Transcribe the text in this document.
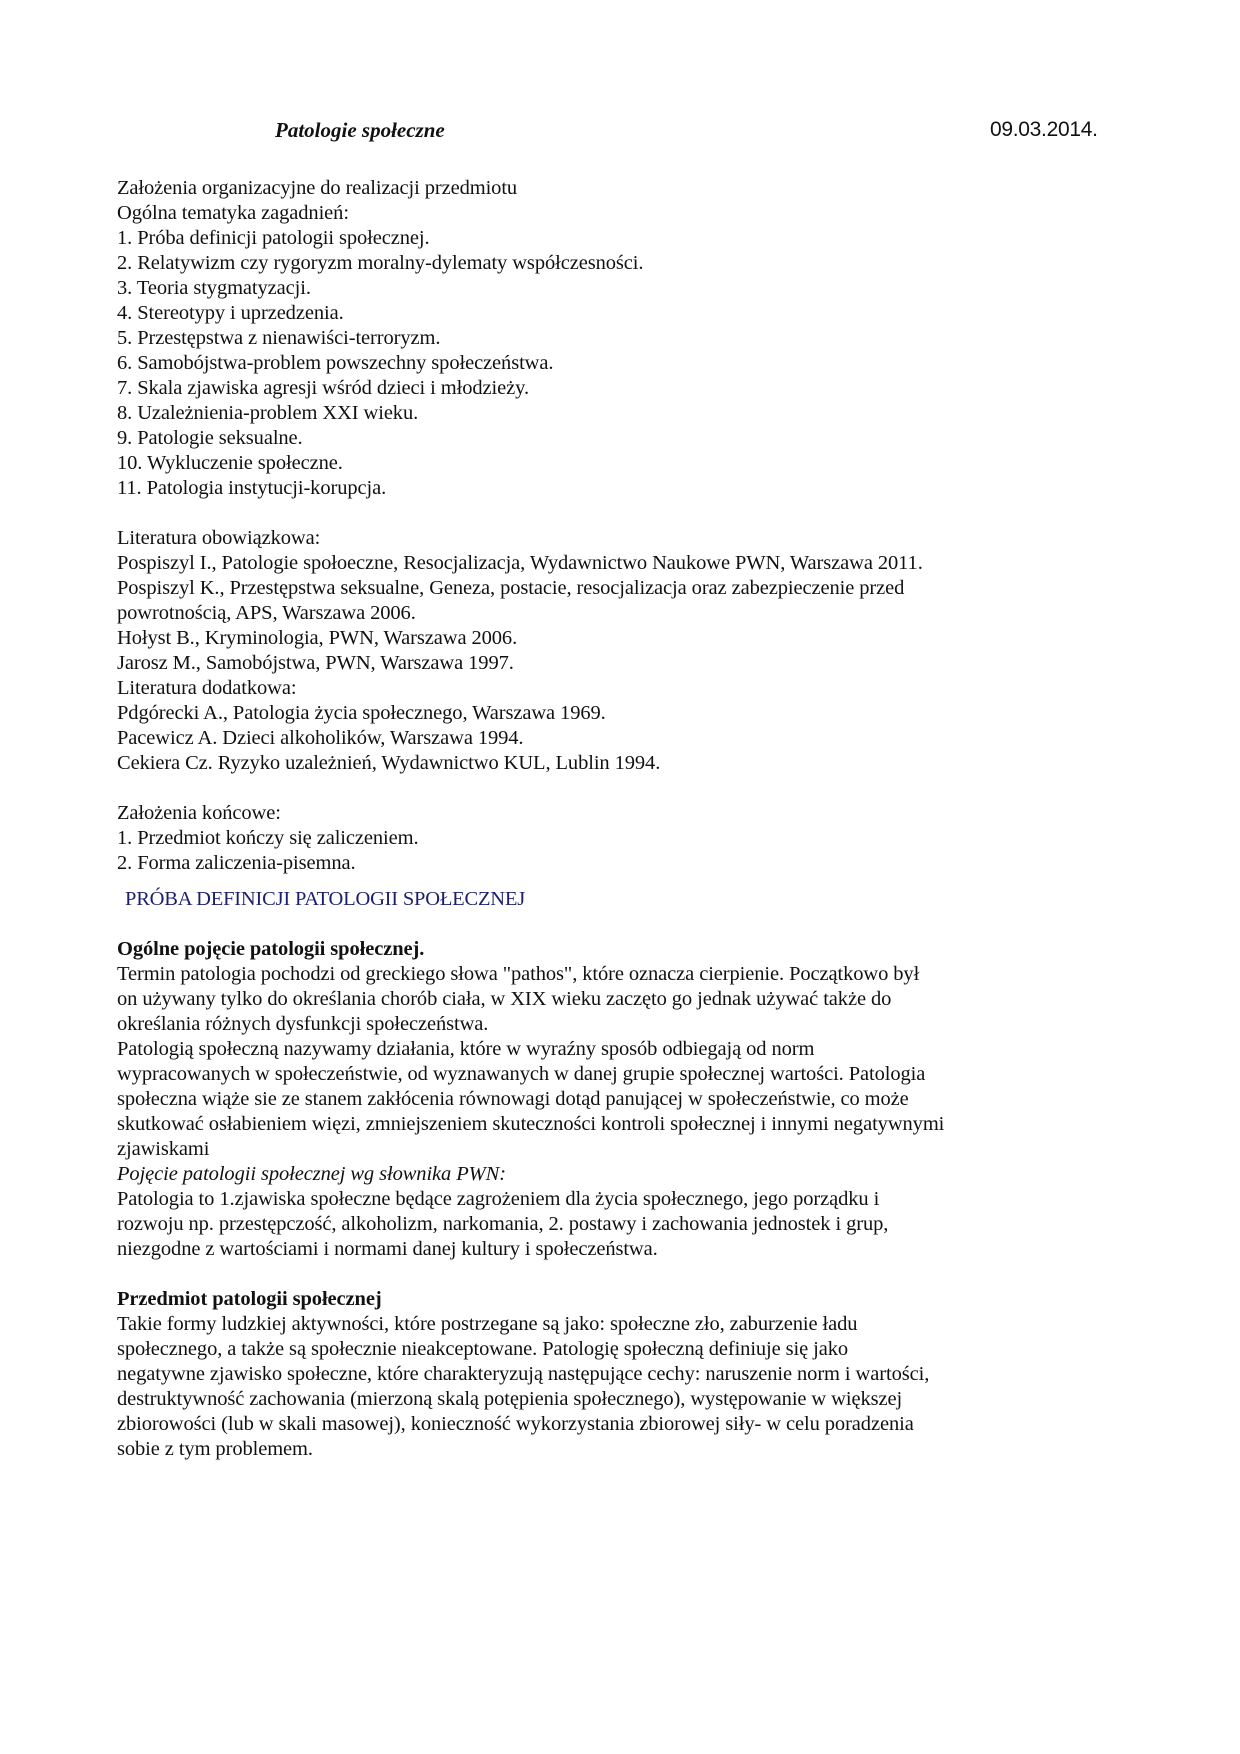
Patologie społeczne	09.03.2014.
Założenia organizacyjne do realizacji przedmiotu
Ogólna tematyka zagadnień:
1. Próba definicji patologii społecznej.
2. Relatywizm czy rygoryzm moralny-dylematy współczesności.
3. Teoria stygmatyzacji.
4. Stereotypy i uprzedzenia.
5. Przestępstwa z nienawiści-terroryzm.
6. Samobójstwa-problem powszechny społeczeństwa.
7. Skala zjawiska agresji wśród dzieci i młodzieży.
8. Uzależnienia-problem XXI wieku.
9. Patologie seksualne.
10. Wykluczenie społeczne.
11. Patologia instytucji-korupcja.
Literatura obowiązkowa:
Pospiszyl I., Patologie społoeczne, Resocjalizacja, Wydawnictwo Naukowe PWN, Warszawa 2011.
Pospiszyl K., Przestępstwa seksualne, Geneza, postacie, resocjalizacja oraz zabezpieczenie przed
powrotnością, APS, Warszawa 2006.
Hołyst B., Kryminologia, PWN, Warszawa 2006.
Jarosz M., Samobójstwa, PWN, Warszawa 1997.
Literatura dodatkowa:
Pdgórecki A., Patologia życia społecznego, Warszawa 1969.
Pacewicz A. Dzieci alkoholików, Warszawa 1994.
Cekiera Cz. Ryzyko uzależnień, Wydawnictwo KUL, Lublin 1994.
Założenia końcowe:
1. Przedmiot kończy się zaliczeniem.
2. Forma zaliczenia-pisemna.
PRÓBA DEFINICJI PATOLOGII SPOŁECZNEJ
Ogólne pojęcie patologii społecznej.
Termin patologia pochodzi od greckiego słowa "pathos", które oznacza cierpienie. Początkowo był
on używany tylko do określania chorób ciała, w XIX wieku zaczęto go jednak używać także do
określania różnych dysfunkcji społeczeństwa.
Patologią społeczną nazywamy działania, które w wyraźny sposób odbiegają od norm
wypracowanych w społeczeństwie, od wyznawanych w danej grupie społecznej wartości. Patologia
społeczna wiąże sie ze stanem zakłócenia równowagi dotąd panującej w społeczeństwie, co może
skutkować osłabieniem więzi, zmniejszeniem skuteczności kontroli społecznej i innymi negatywnymi
zjawiskami
Pojęcie patologii społecznej wg słownika PWN:
Patologia to 1.zjawiska społeczne będące zagrożeniem dla życia społecznego, jego porządku i
rozwoju np. przestępczość, alkoholizm, narkomania, 2. postawy i zachowania jednostek i grup,
niezgodne z wartościami i normami danej kultury i społeczeństwa.
Przedmiot patologii społecznej
Takie formy ludzkiej aktywności, które postrzegane są jako: społeczne zło, zaburzenie ładu
społecznego, a także są społecznie nieakceptowane. Patologię społeczną definiuje się jako
negatywne zjawisko społeczne, które charakteryzują następujące cechy: naruszenie norm i wartości,
destruktywność zachowania (mierzoną skalą potępienia społecznego), występowanie w większej
zbiorowości (lub w skali masowej), konieczność wykorzystania zbiorowej siły- w celu poradzenia
sobie z tym problemem.
